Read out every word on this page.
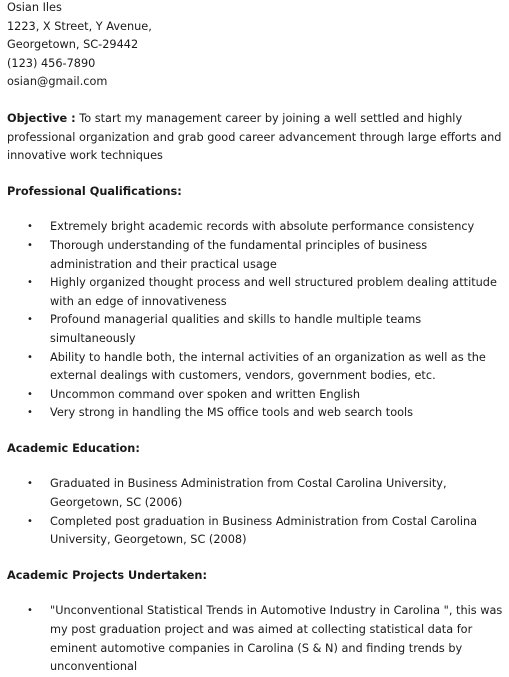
Osian Iles
1223, X Street, Y Avenue,
Georgetown, SC-29442
(123) 456-7890
osian@gmail.com
Objective : To start my management career by joining a well settled and highly professional organization and grab good career advancement through large efforts and innovative work techniques
Professional Qualifications:
• Extremely bright academic records with absolute performance consistency
• Thorough understanding of the fundamental principles of business administration and their practical usage
• Highly organized thought process and well structured problem dealing attitude with an edge of innovativeness
• Profound managerial qualities and skills to handle multiple teams simultaneously
• Ability to handle both, the internal activities of an organization as well as the external dealings with customers, vendors, government bodies, etc.
• Uncommon command over spoken and written English
• Very strong in handling the MS office tools and web search tools
Academic Education:
• Graduated in Business Administration from Costal Carolina University, Georgetown, SC (2006)
• Completed post graduation in Business Administration from Costal Carolina University, Georgetown, SC (2008)
Academic Projects Undertaken:
• "Unconventional Statistical Trends in Automotive Industry in Carolina ", this was my post graduation project and was aimed at collecting statistical data for eminent automotive companies in Carolina (S & N) and finding trends by unconventional
